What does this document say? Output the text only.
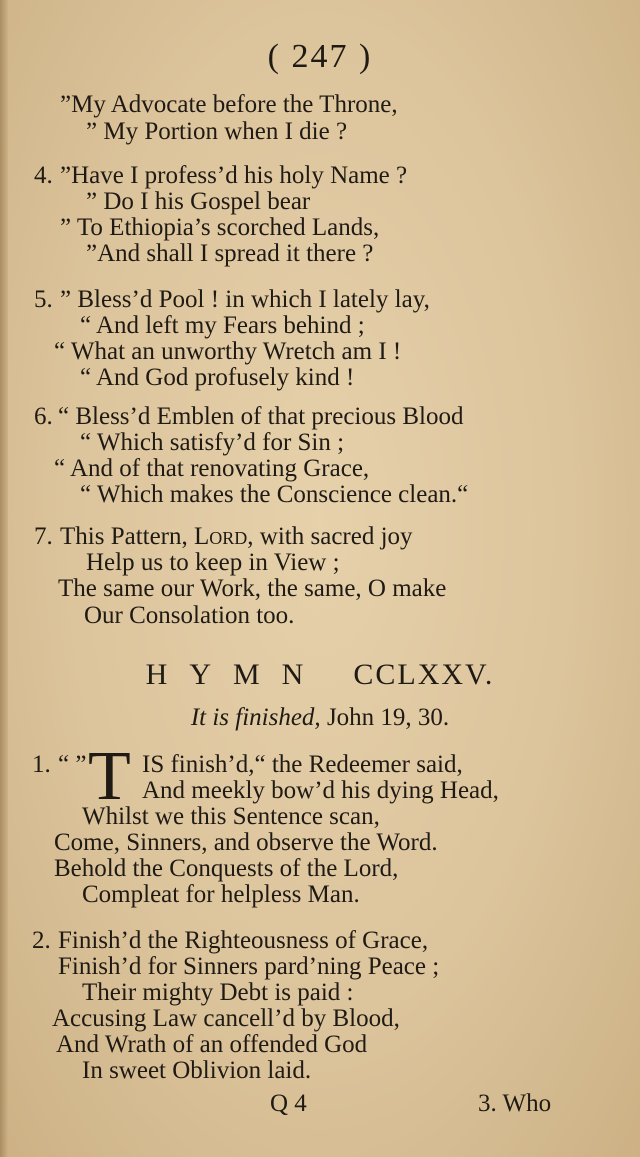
( 247 )
”My Advocate before the Throne,
” My Portion when I die ?
4. ”Have I profess’d his holy Name ?
” Do I his Gospel bear
” To Ethiopia’s scorched Lands,
”And shall I spread it there ?
5. ” Bless’d Pool ! in which I lately lay,
“ And left my Fears behind ;
“ What an unworthy Wretch am I !
“ And God profusely kind !
6. “ Bless’d Emblen of that precious Blood
“ Which satisfy’d for Sin ;
“ And of that renovating Grace,
“ Which makes the Conscience clean.“
7. This Pattern, Lord, with sacred joy
Help us to keep in View ;
The same our Work, the same, O make
Our Consolation too.
HYMN CCLXXV.
It is finished, John 19, 30.
1. “ ” T IS finish’d,“ the Redeemer said,
And meekly bow’d his dying Head,
Whilst we this Sentence scan,
Come, Sinners, and observe the Word.
Behold the Conquests of the Lord,
Compleat for helpless Man.
2. Finish’d the Righteousness of Grace,
Finish’d for Sinners pard’ning Peace ;
Their mighty Debt is paid :
Accusing Law cancell’d by Blood,
And Wrath of an offended God
In sweet Oblivion laid.
Q 4	3. Who
